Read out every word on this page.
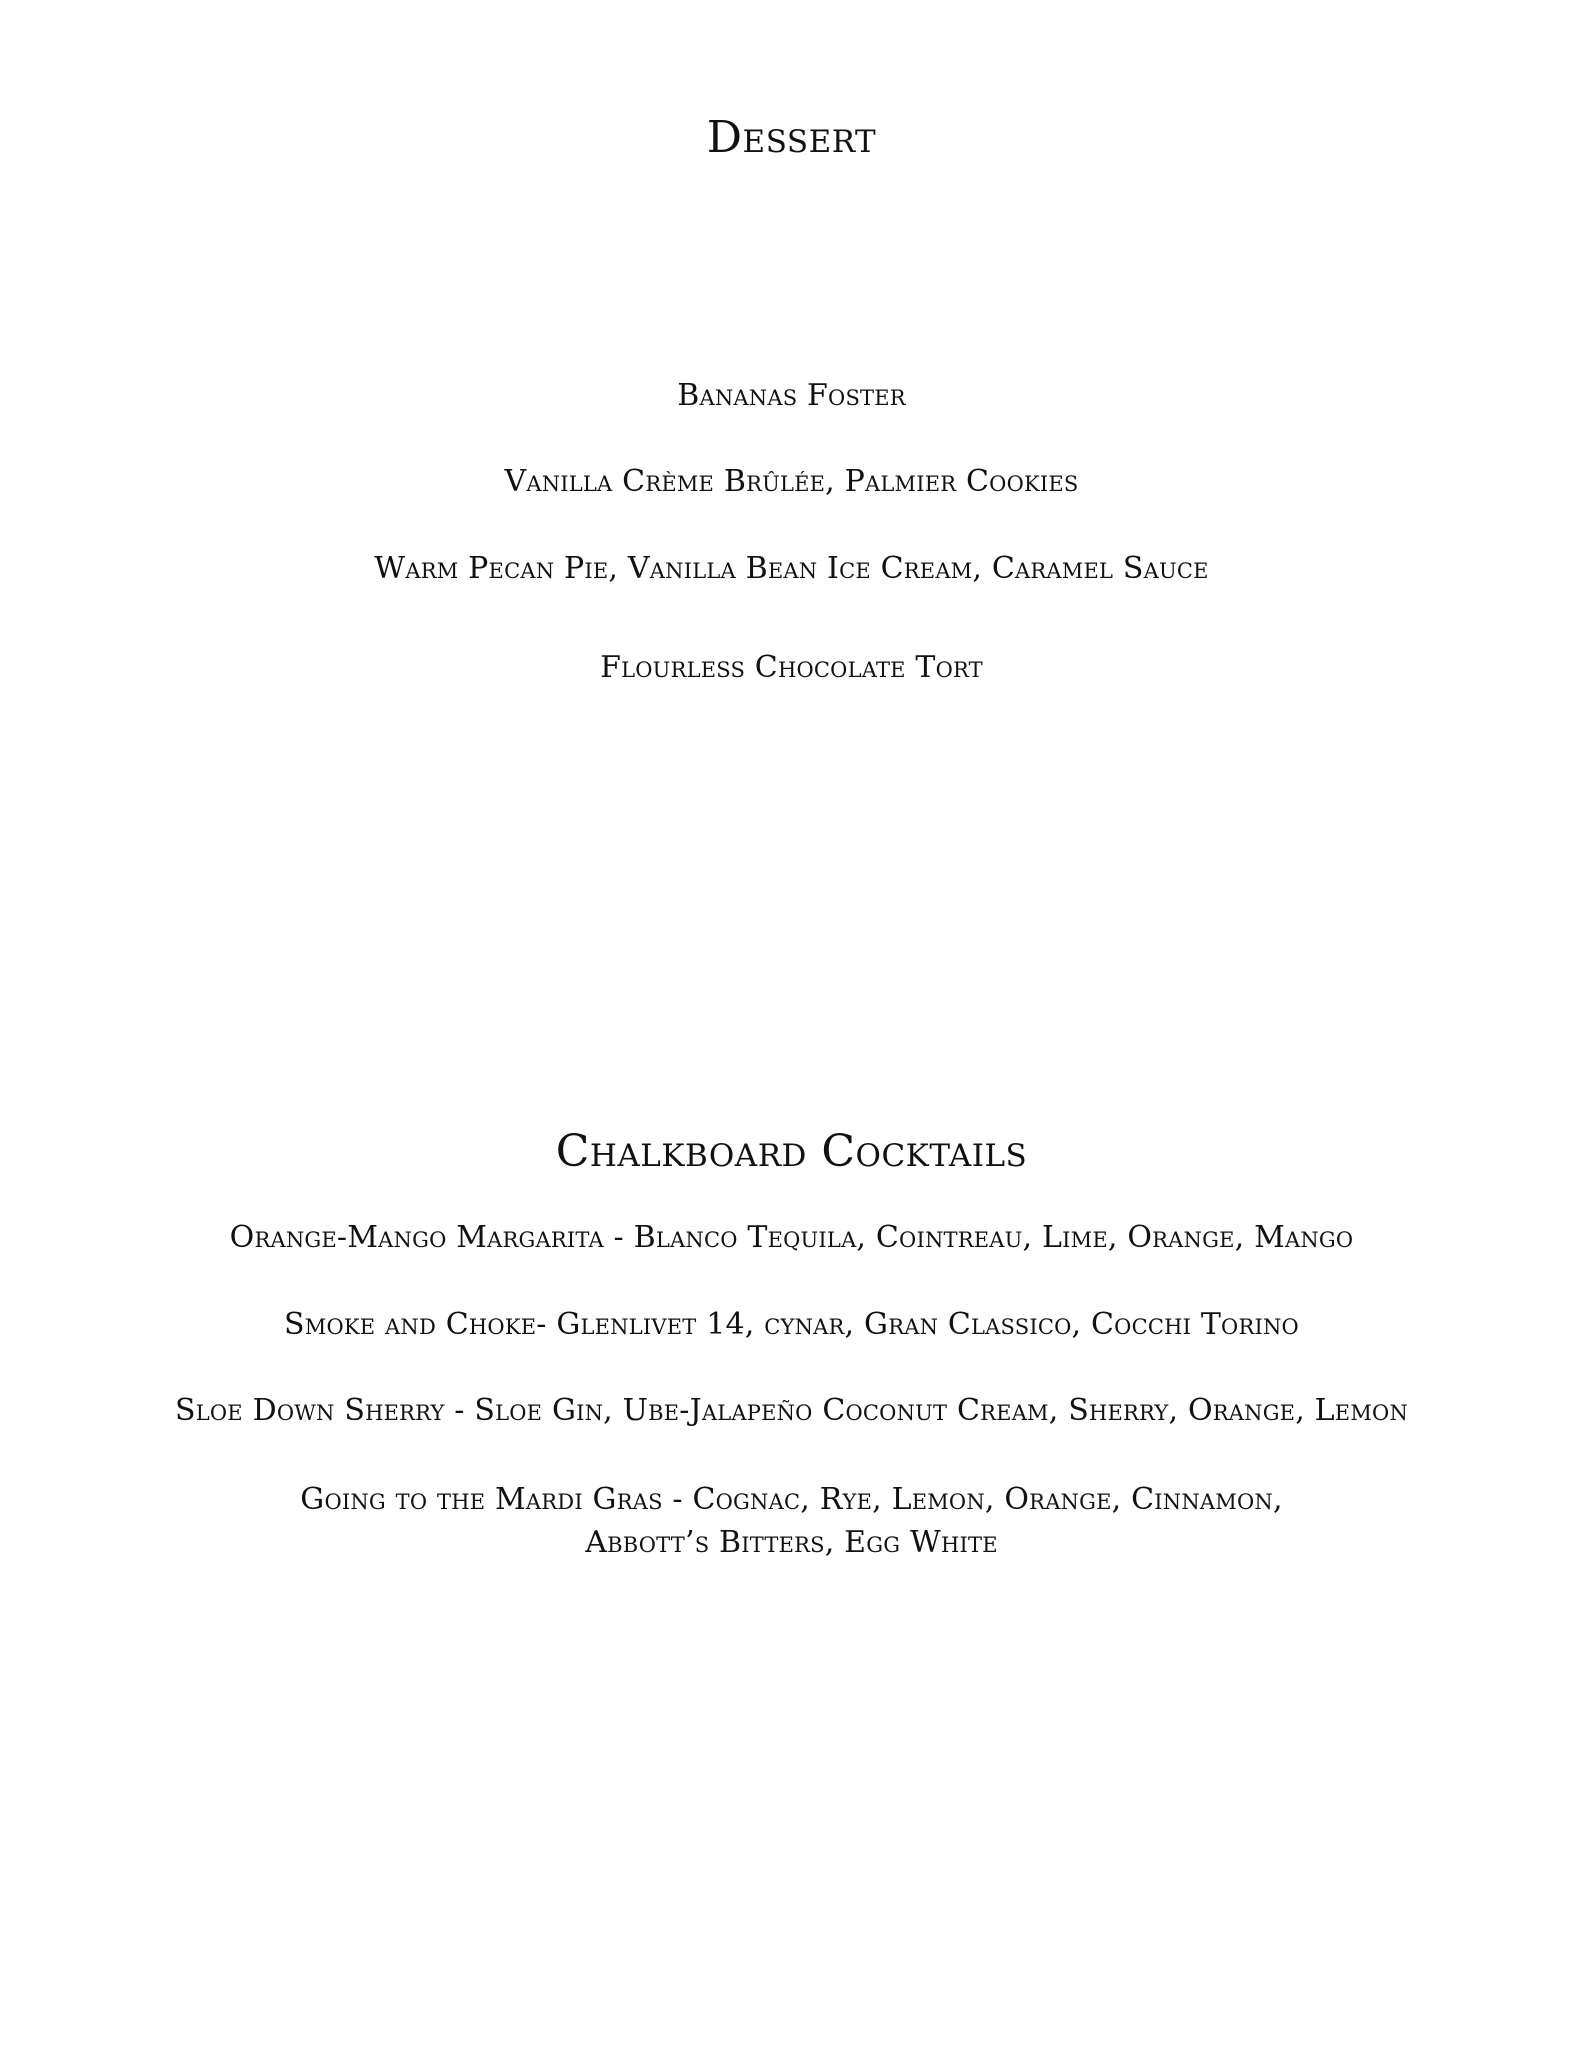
Dessert

Bananas Foster

Vanilla Crème Brûlée, Palmier Cookies

Warm Pecan Pie, Vanilla Bean Ice Cream, Caramel Sauce

Flourless Chocolate Tort

Chalkboard Cocktails

Orange-Mango Margarita - Blanco Tequila, Cointreau, Lime, Orange, Mango

Smoke and Choke- Glenlivet 14, cynar, Gran Classico, Cocchi Torino

Sloe Down Sherry - Sloe Gin, Ube-Jalapeño Coconut Cream, Sherry, Orange, Lemon

Going to the Mardi Gras - Cognac, Rye, Lemon, Orange, Cinnamon,

Abbott’s Bitters, Egg White
